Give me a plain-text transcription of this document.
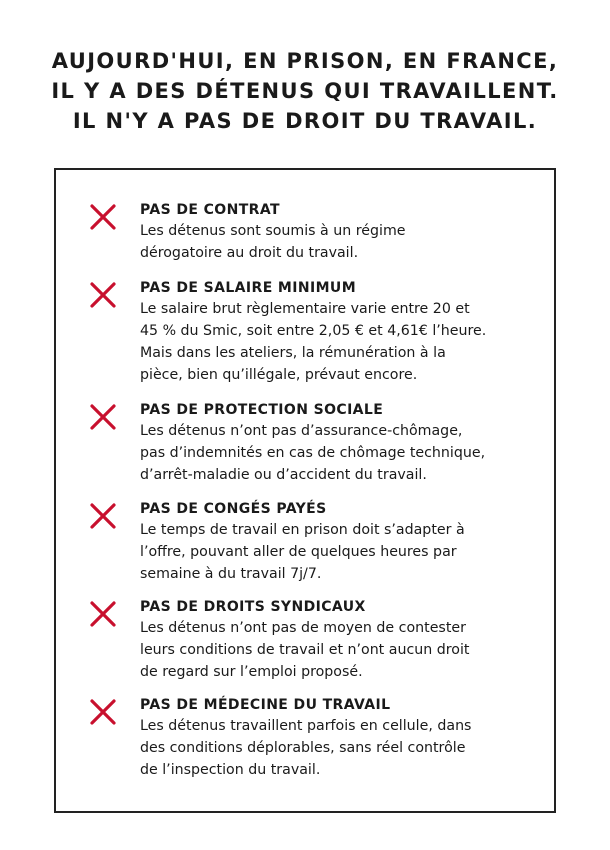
AUJOURD'HUI, EN PRISON, EN FRANCE,
IL Y A DES DÉTENUS QUI TRAVAILLENT.
IL N'Y A PAS DE DROIT DU TRAVAIL.
PAS DE CONTRAT
Les détenus sont soumis à un régime
dérogatoire au droit du travail.
PAS DE SALAIRE MINIMUM
Le salaire brut règlementaire varie entre 20 et
45 % du Smic, soit entre 2,05 € et 4,61€ l’heure.
Mais dans les ateliers, la rémunération à la
pièce, bien qu’illégale, prévaut encore.
PAS DE PROTECTION SOCIALE
Les détenus n’ont pas d’assurance-chômage,
pas d’indemnités en cas de chômage technique,
d’arrêt-maladie ou d’accident du travail.
PAS DE CONGÉS PAYÉS
Le temps de travail en prison doit s’adapter à
l’offre, pouvant aller de quelques heures par
semaine à du travail 7j/7.
PAS DE DROITS SYNDICAUX
Les détenus n’ont pas de moyen de contester
leurs conditions de travail et n’ont aucun droit
de regard sur l’emploi proposé.
PAS DE MÉDECINE DU TRAVAIL
Les détenus travaillent parfois en cellule, dans
des conditions déplorables, sans réel contrôle
de l’inspection du travail.
